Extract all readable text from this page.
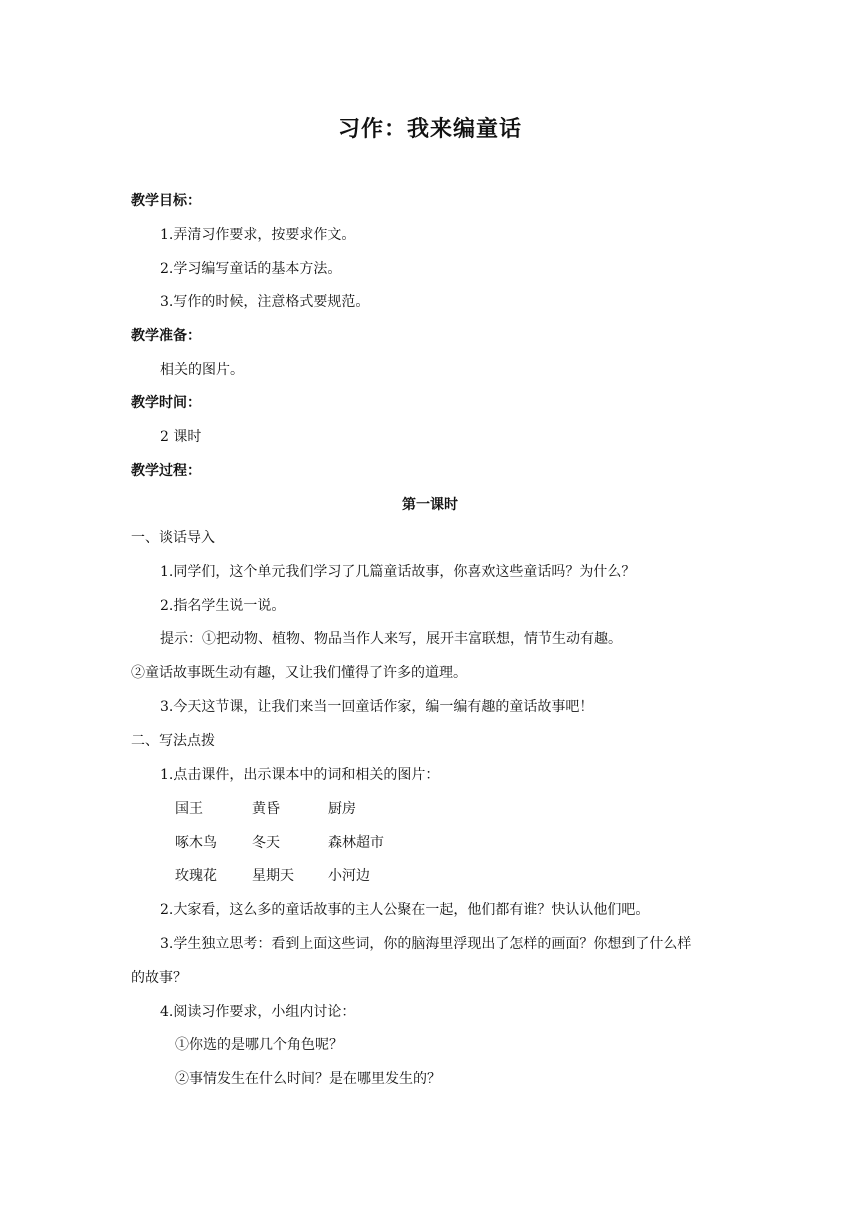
习作：我来编童话
教学目标：
1.弄清习作要求，按要求作文。
2.学习编写童话的基本方法。
3.写作的时候，注意格式要规范。
教学准备：
相关的图片。
教学时间：
2 课时
教学过程：
第一课时
一、谈话导入
1.同学们，这个单元我们学习了几篇童话故事，你喜欢这些童话吗？为什么？
2.指名学生说一说。
提示：①把动物、植物、物品当作人来写，展开丰富联想，情节生动有趣。
②童话故事既生动有趣，又让我们懂得了许多的道理。
3.今天这节课，让我们来当一回童话作家，编一编有趣的童话故事吧！
二、写法点拨
1.点击课件，出示课本中的词和相关的图片：
国王	黄昏	厨房
啄木鸟	冬天	森林超市
玫瑰花	星期天 小河边
2.大家看，这么多的童话故事的主人公聚在一起，他们都有谁？快认认他们吧。
3.学生独立思考：看到上面这些词，你的脑海里浮现出了怎样的画面？你想到了什么样
的故事？
4.阅读习作要求，小组内讨论：
①你选的是哪几个角色呢？
②事情发生在什么时间？是在哪里发生的？
